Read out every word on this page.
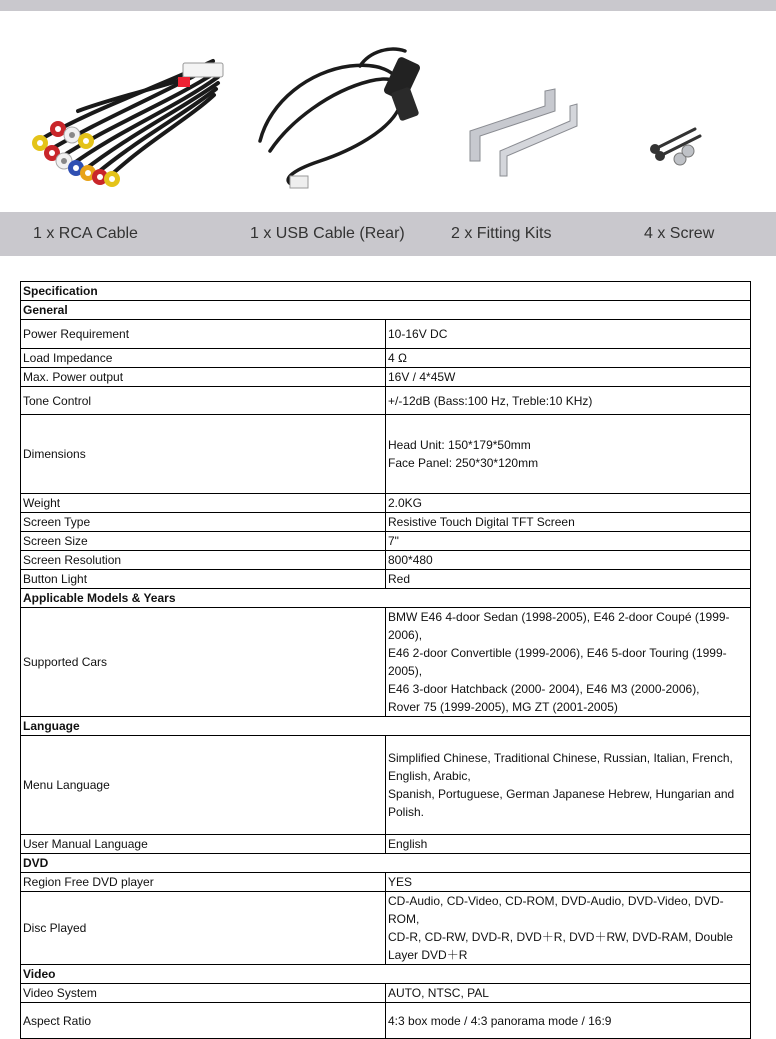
1 x RCA Cable	1 x USB Cable (Rear)	2 x Fitting Kits	4 x Screw
Specification	
General	
Power Requirement	10-16V DC
Load Impedance	4 Ω
Max. Power output	16V / 4*45W
Tone Control	+/-12dB (Bass:100 Hz, Treble:10 KHz)
Dimensions	Head Unit: 150*179*50mm
Face Panel: 250*30*120mm
Weight	2.0KG
Screen Type	Resistive Touch Digital TFT Screen
Screen Size	7"
Screen Resolution	800*480
Button Light	Red
Applicable Models & Years	
Supported Cars	BMW E46 4-door Sedan (1998-2005), E46 2-door Coupé (1999-2006),
E46 2-door Convertible (1999-2006), E46 5-door Touring (1999-2005),
E46 3-door Hatchback (2000- 2004), E46 M3 (2000-2006),
Rover 75 (1999-2005), MG ZT (2001-2005)
Language	
Menu Language	Simplified Chinese, Traditional Chinese, Russian, Italian, French, English, Arabic,
Spanish, Portuguese, German Japanese Hebrew, Hungarian and Polish.
User Manual Language	English
DVD	
Region Free DVD player	YES
Disc Played	CD-Audio, CD-Video, CD-ROM, DVD-Audio, DVD-Video, DVD-ROM,
CD-R, CD-RW, DVD-R, DVD＋R, DVD＋RW, DVD-RAM, Double Layer DVD＋R
Video	
Video System	AUTO, NTSC, PAL
Aspect Ratio	4:3 box mode / 4:3 panorama mode / 16:9
